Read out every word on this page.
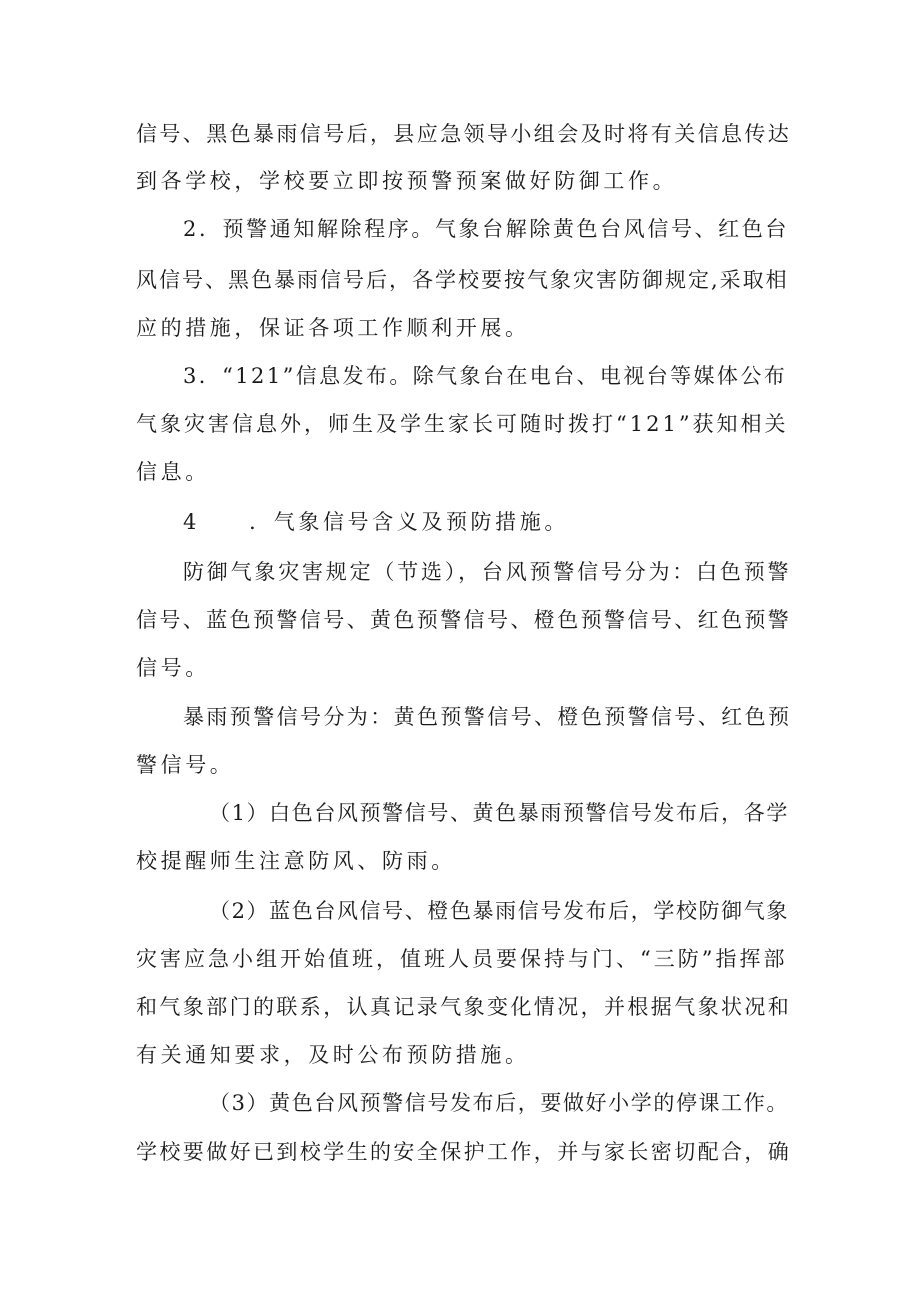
信号、黑色暴雨信号后，县应急领导小组会及时将有关信息传达
到各学校，学校要立即按预警预案做好防御工作。
2．预警通知解除程序。气象台解除黄色台风信号、红色台
风信号、黑色暴雨信号后，各学校要按气象灾害防御规定,采取相
应的措施，保证各项工作顺利开展。
3．“121”信息发布。除气象台在电台、电视台等媒体公布
气象灾害信息外，师生及学生家长可随时拨打“121”获知相关
信息。
4　　．气象信号含义及预防措施。
防御气象灾害规定（节选），台风预警信号分为：白色预警
信号、蓝色预警信号、黄色预警信号、橙色预警信号、红色预警
信号。
暴雨预警信号分为：黄色预警信号、橙色预警信号、红色预
警信号。
（1）白色台风预警信号、黄色暴雨预警信号发布后，各学
校提醒师生注意防风、防雨。
（2）蓝色台风信号、橙色暴雨信号发布后，学校防御气象
灾害应急小组开始值班，值班人员要保持与门、“三防”指挥部
和气象部门的联系，认真记录气象变化情况，并根据气象状况和
有关通知要求，及时公布预防措施。
（3）黄色台风预警信号发布后，要做好小学的停课工作。
学校要做好已到校学生的安全保护工作，并与家长密切配合，确
